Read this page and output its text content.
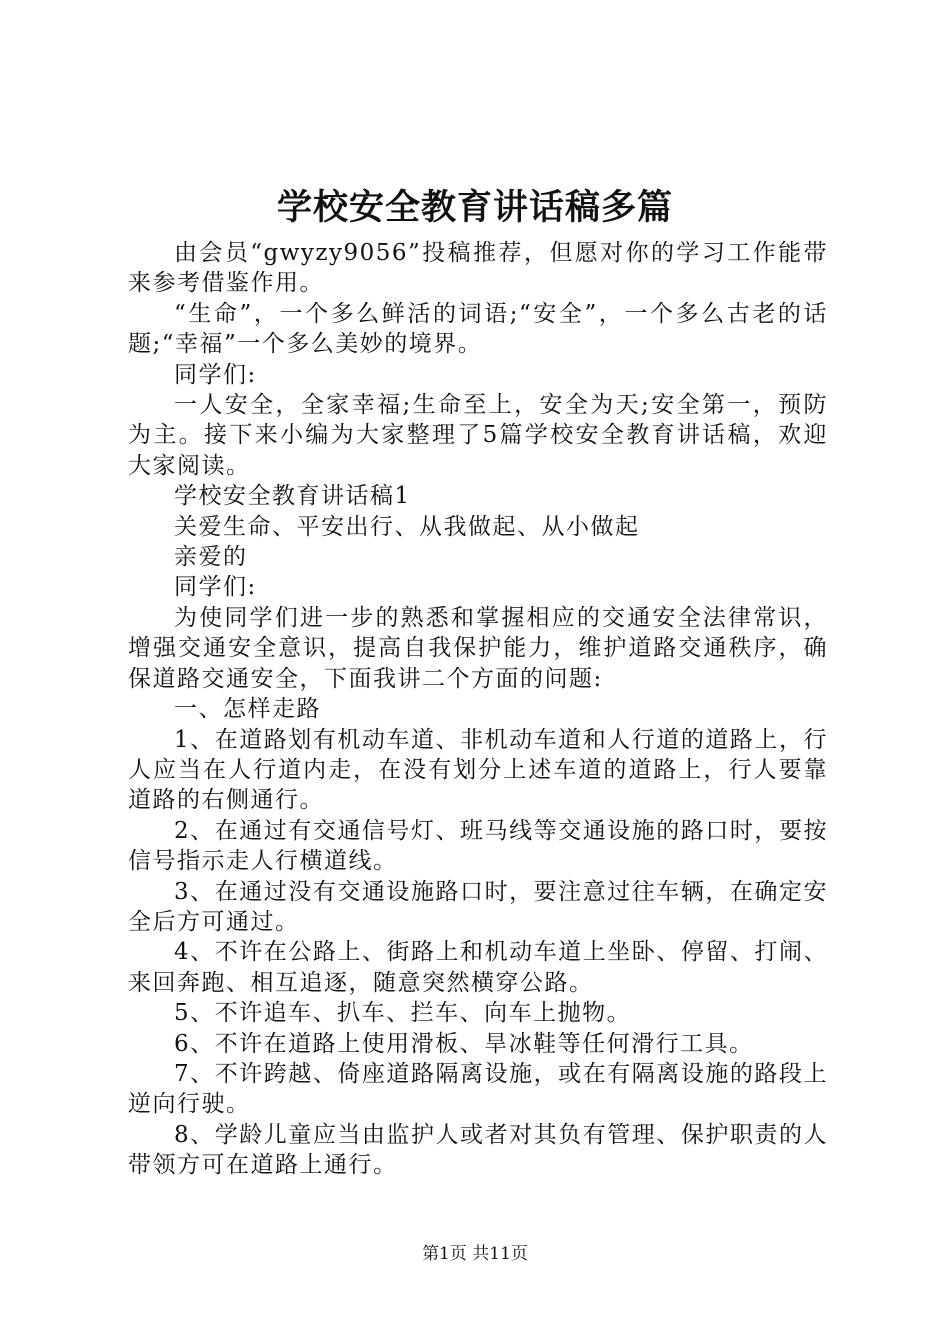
学校安全教育讲话稿多篇

由会员“gwyzy9056”投稿推荐，但愿对你的学习工作能带来参考借鉴作用。

“生命”，一个多么鲜活的词语;“安全”，一个多么古老的话题;“幸福”一个多么美妙的境界。

同学们:

一人安全，全家幸福;生命至上，安全为天;安全第一，预防为主。接下来小编为大家整理了5篇学校安全教育讲话稿，欢迎大家阅读。

学校安全教育讲话稿1

关爱生命、平安出行、从我做起、从小做起

亲爱的

同学们:

为使同学们进一步的熟悉和掌握相应的交通安全法律常识，增强交通安全意识，提高自我保护能力，维护道路交通秩序，确保道路交通安全，下面我讲二个方面的问题:

一、怎样走路

1、在道路划有机动车道、非机动车道和人行道的道路上，行人应当在人行道内走，在没有划分上述车道的道路上，行人要靠道路的右侧通行。

2、在通过有交通信号灯、班马线等交通设施的路口时，要按信号指示走人行横道线。

3、在通过没有交通设施路口时，要注意过往车辆，在确定安全后方可通过。

4、不许在公路上、街路上和机动车道上坐卧、停留、打闹、来回奔跑、相互追逐，随意突然横穿公路。

5、不许追车、扒车、拦车、向车上抛物。

6、不许在道路上使用滑板、旱冰鞋等任何滑行工具。

7、不许跨越、倚座道路隔离设施，或在有隔离设施的路段上逆向行驶。

8、学龄儿童应当由监护人或者对其负有管理、保护职责的人带领方可在道路上通行。

第1页 共11页
